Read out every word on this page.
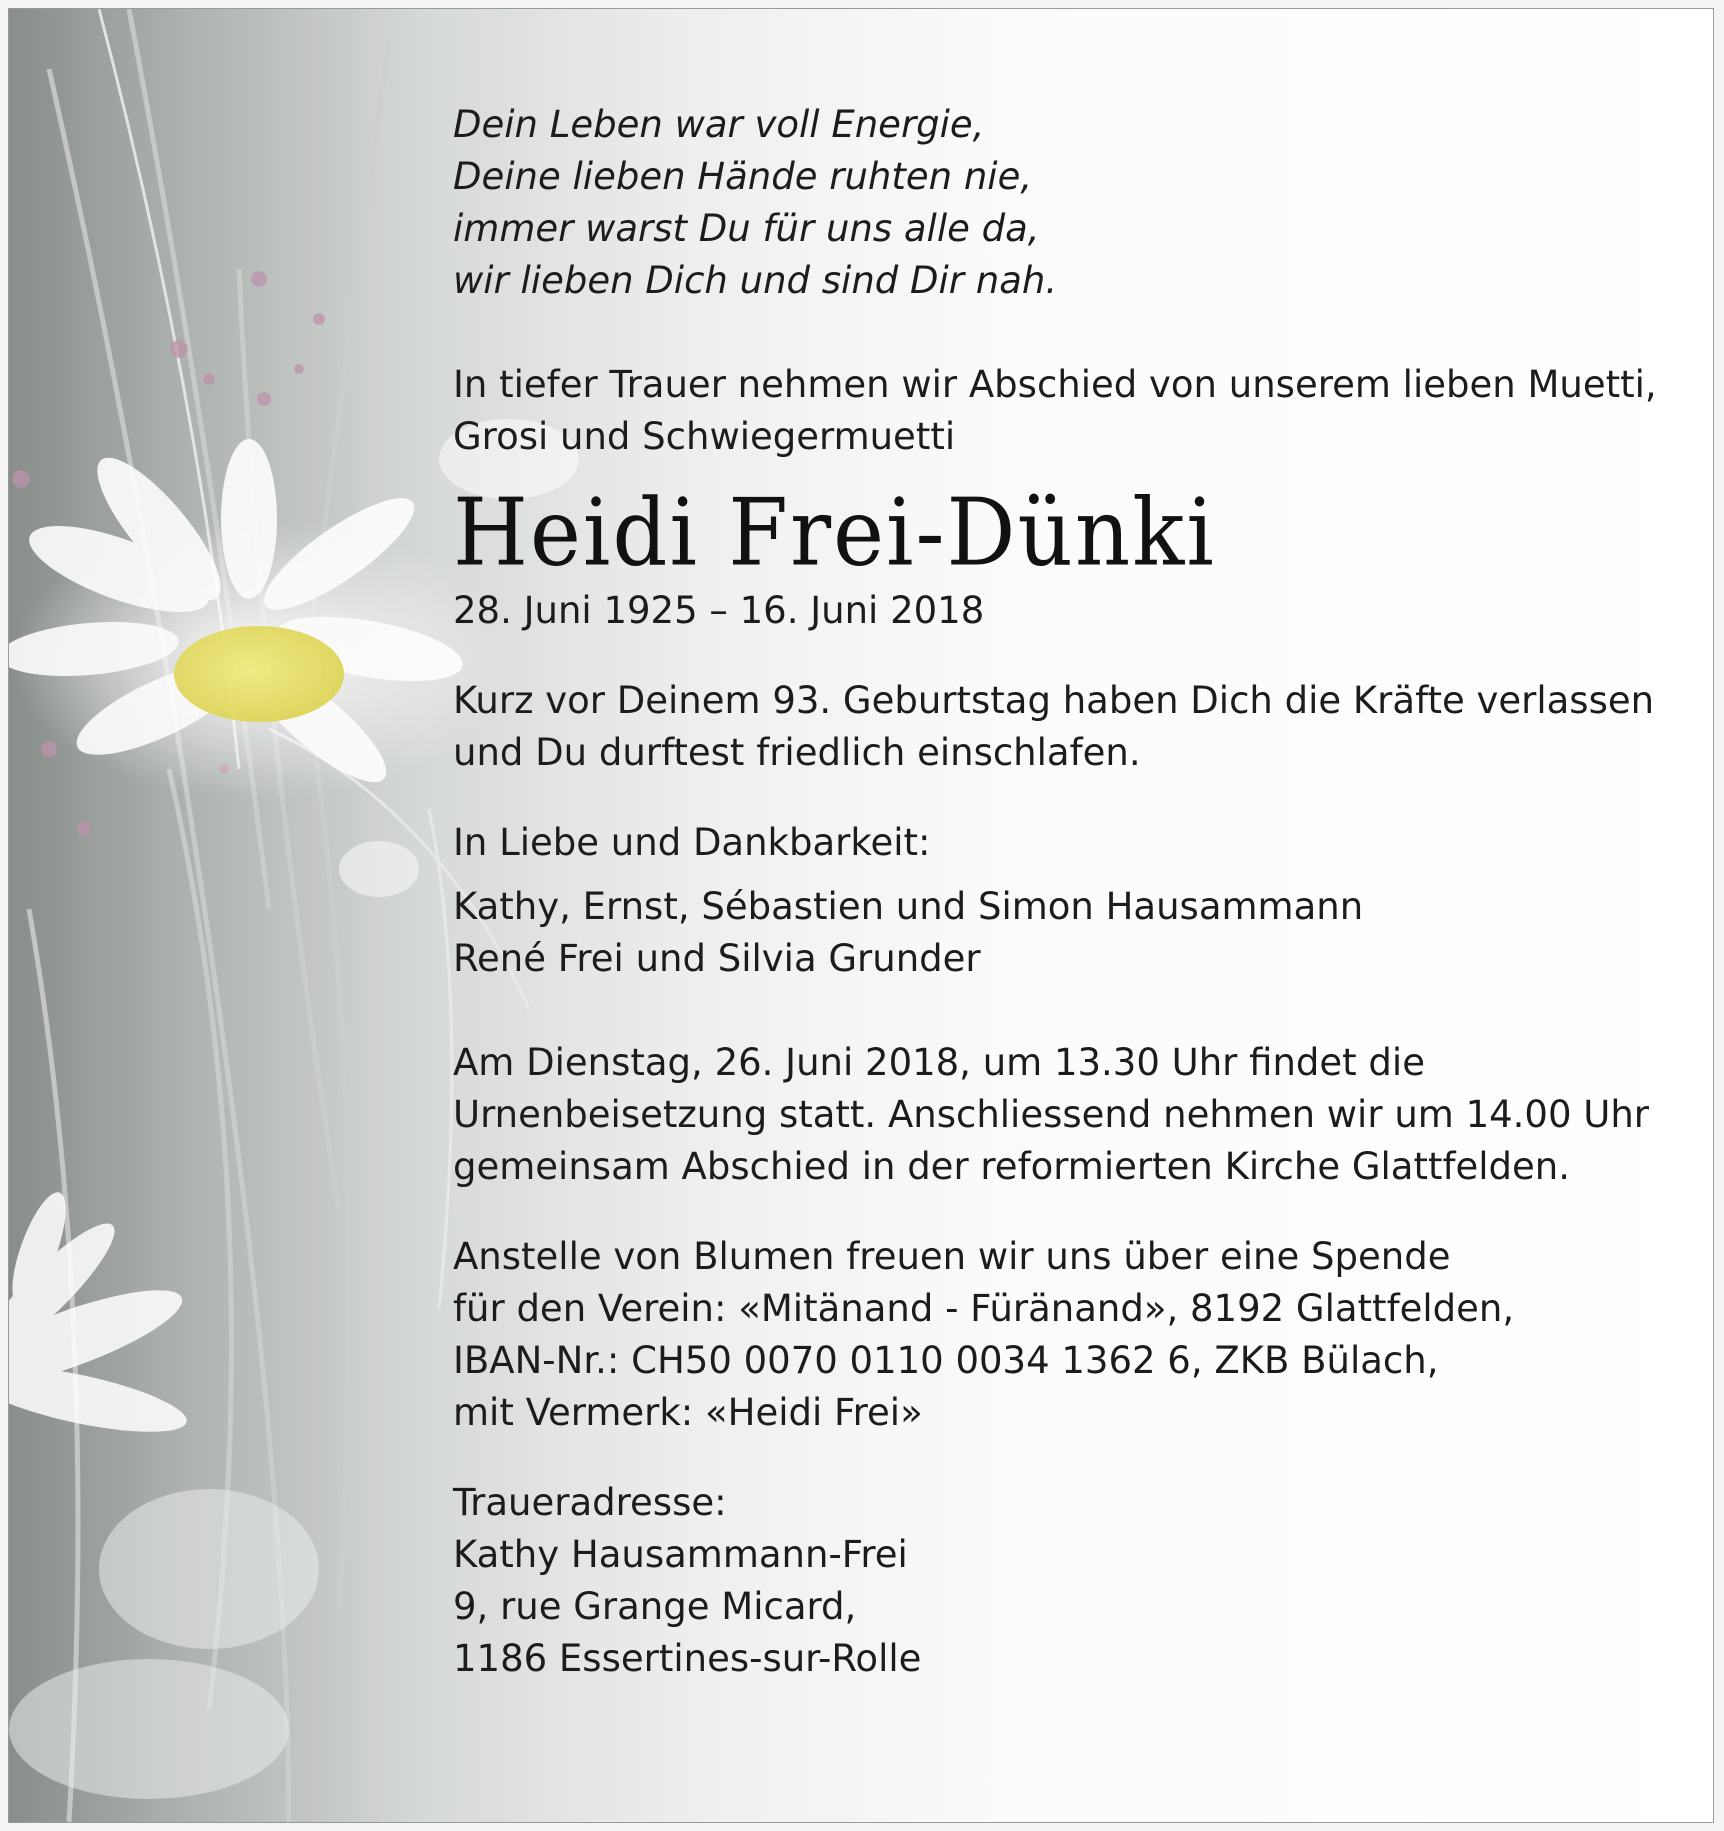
Dein Leben war voll Energie,
Deine lieben Hände ruhten nie,
immer warst Du für uns alle da,
wir lieben Dich und sind Dir nah.
In tiefer Trauer nehmen wir Abschied von unserem lieben Muetti,
Grosi und Schwiegermuetti
Heidi Frei-Dünki
28. Juni 1925 – 16. Juni 2018
Kurz vor Deinem 93. Geburtstag haben Dich die Kräfte verlassen
und Du durftest friedlich einschlafen.
In Liebe und Dankbarkeit:
Kathy, Ernst, Sébastien und Simon Hausammann
René Frei und Silvia Grunder
Am Dienstag, 26. Juni 2018, um 13.30 Uhr findet die
Urnenbeisetzung statt. Anschliessend nehmen wir um 14.00 Uhr
gemeinsam Abschied in der reformierten Kirche Glattfelden.
Anstelle von Blumen freuen wir uns über eine Spende
für den Verein: «Mitänand - Füränand», 8192 Glattfelden,
IBAN-Nr.: CH50 0070 0110 0034 1362 6, ZKB Bülach,
mit Vermerk: «Heidi Frei»
Traueradresse:
Kathy Hausammann-Frei
9, rue Grange Micard,
1186 Essertines-sur-Rolle
